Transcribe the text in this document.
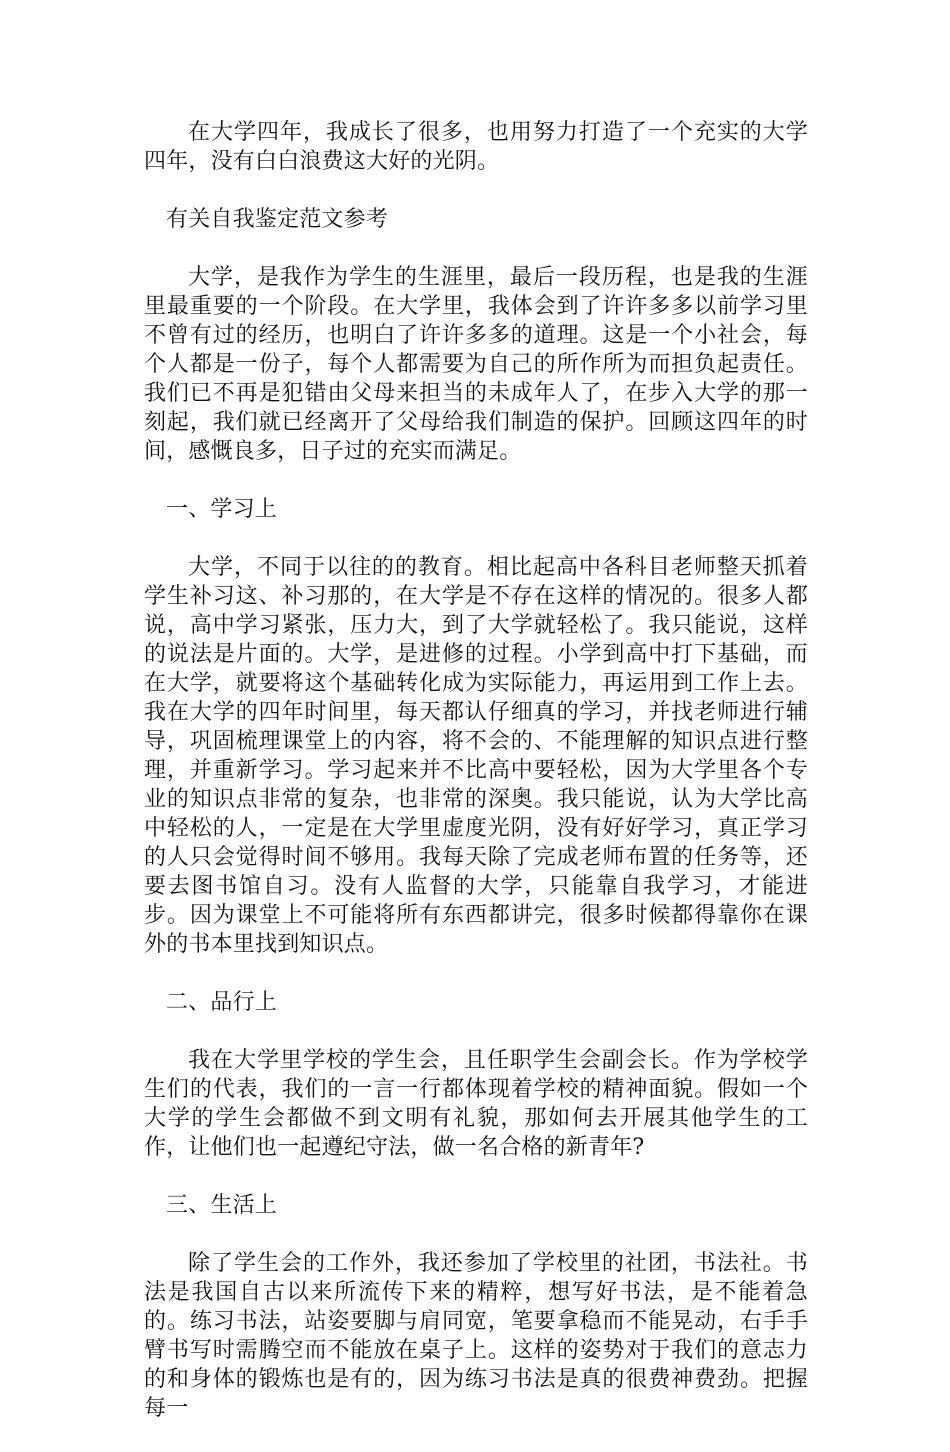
在大学四年，我成长了很多，也用努力打造了一个充实的大学四年，没有白白浪费这大好的光阴。

有关自我鉴定范文参考

大学，是我作为学生的生涯里，最后一段历程，也是我的生涯里最重要的一个阶段。在大学里，我体会到了许许多多以前学习里不曾有过的经历，也明白了许许多多的道理。这是一个小社会，每个人都是一份子，每个人都需要为自己的所作所为而担负起责任。我们已不再是犯错由父母来担当的未成年人了，在步入大学的那一刻起，我们就已经离开了父母给我们制造的保护。回顾这四年的时间，感慨良多，日子过的充实而满足。

一、学习上

大学，不同于以往的的教育。相比起高中各科目老师整天抓着学生补习这、补习那的，在大学是不存在这样的情况的。很多人都说，高中学习紧张，压力大，到了大学就轻松了。我只能说，这样的说法是片面的。大学，是进修的过程。小学到高中打下基础，而在大学，就要将这个基础转化成为实际能力，再运用到工作上去。我在大学的四年时间里，每天都认仔细真的学习，并找老师进行辅导，巩固梳理课堂上的内容，将不会的、不能理解的知识点进行整理，并重新学习。学习起来并不比高中要轻松，因为大学里各个专业的知识点非常的复杂，也非常的深奥。我只能说，认为大学比高中轻松的人，一定是在大学里虚度光阴，没有好好学习，真正学习的人只会觉得时间不够用。我每天除了完成老师布置的任务等，还要去图书馆自习。没有人监督的大学，只能靠自我学习，才能进步。因为课堂上不可能将所有东西都讲完，很多时候都得靠你在课外的书本里找到知识点。

二、品行上

我在大学里学校的学生会，且任职学生会副会长。作为学校学生们的代表，我们的一言一行都体现着学校的精神面貌。假如一个大学的学生会都做不到文明有礼貌，那如何去开展其他学生的工作，让他们也一起遵纪守法，做一名合格的新青年?

三、生活上

除了学生会的工作外，我还参加了学校里的社团，书法社。书法是我国自古以来所流传下来的精粹，想写好书法，是不能着急的。练习书法，站姿要脚与肩同宽，笔要拿稳而不能晃动，右手手臂书写时需腾空而不能放在桌子上。这样的姿势对于我们的意志力的和身体的锻炼也是有的，因为练习书法是真的很费神费劲。把握每一
